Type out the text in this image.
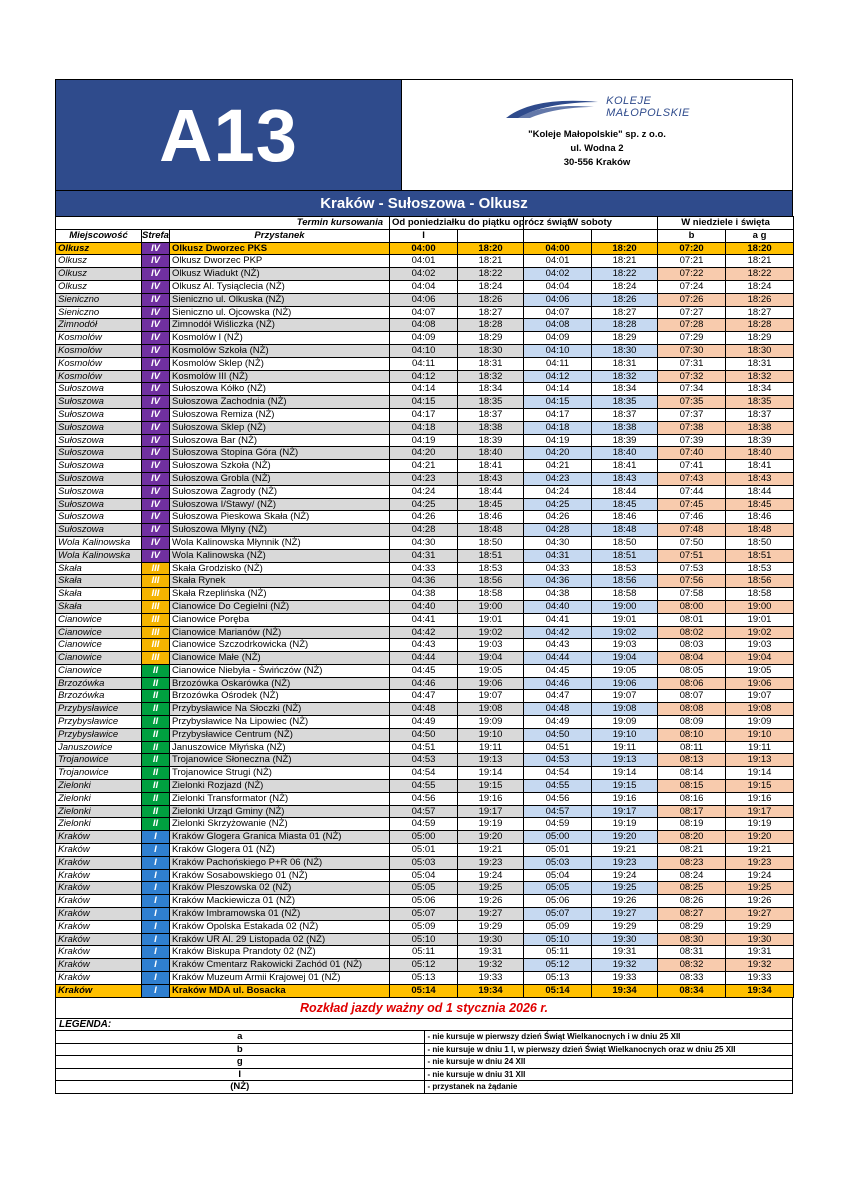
A13	KOLEJE
MAŁOPOLSKIE
"Koleje Małopolskie" sp. z o.o.
ul. Wodna 2
30-556 Kraków
Kraków - Sułoszowa - Olkusz
Termin kursowania			Od poniedziałku do piątku oprócz świąt		W soboty		W niedziele i święta	
Miejscowość	Strefa	Przystanek	I				b	a g
Olkusz	IV	Olkusz Dworzec PKS	04:00	18:20	04:00	18:20	07:20	18:20
Olkusz	IV	Olkusz Dworzec PKP	04:01	18:21	04:01	18:21	07:21	18:21
Olkusz	IV	Olkusz Wiadukt (NŻ)	04:02	18:22	04:02	18:22	07:22	18:22
Olkusz	IV	Olkusz Al. Tysiąclecia (NŻ)	04:04	18:24	04:04	18:24	07:24	18:24
Sieniczno	IV	Sieniczno ul. Olkuska (NŻ)	04:06	18:26	04:06	18:26	07:26	18:26
Sieniczno	IV	Sieniczno ul. Ojcowska (NŻ)	04:07	18:27	04:07	18:27	07:27	18:27
Zimnodół	IV	Zimnodół Wiśliczka (NŻ)	04:08	18:28	04:08	18:28	07:28	18:28
Kosmolów	IV	Kosmolów I (NŻ)	04:09	18:29	04:09	18:29	07:29	18:29
Kosmolów	IV	Kosmolów Szkoła (NŻ)	04:10	18:30	04:10	18:30	07:30	18:30
Kosmolów	IV	Kosmolów Sklep (NŻ)	04:11	18:31	04:11	18:31	07:31	18:31
Kosmolów	IV	Kosmolów III (NŻ)	04:12	18:32	04:12	18:32	07:32	18:32
Sułoszowa	IV	Sułoszowa Kółko (NŻ)	04:14	18:34	04:14	18:34	07:34	18:34
Sułoszowa	IV	Sułoszowa Zachodnia (NŻ)	04:15	18:35	04:15	18:35	07:35	18:35
Sułoszowa	IV	Sułoszowa Remiza (NŻ)	04:17	18:37	04:17	18:37	07:37	18:37
Sułoszowa	IV	Sułoszowa Sklep (NŻ)	04:18	18:38	04:18	18:38	07:38	18:38
Sułoszowa	IV	Sułoszowa Bar (NŻ)	04:19	18:39	04:19	18:39	07:39	18:39
Sułoszowa	IV	Sułoszowa Stopina Góra (NŻ)	04:20	18:40	04:20	18:40	07:40	18:40
Sułoszowa	IV	Sułoszowa Szkoła (NŻ)	04:21	18:41	04:21	18:41	07:41	18:41
Sułoszowa	IV	Sułoszowa Grobla (NŻ)	04:23	18:43	04:23	18:43	07:43	18:43
Sułoszowa	IV	Sułoszowa Zagrody (NŻ)	04:24	18:44	04:24	18:44	07:44	18:44
Sułoszowa	IV	Sułoszowa I/Stawy/ (NŻ)	04:25	18:45	04:25	18:45	07:45	18:45
Sułoszowa	IV	Sułoszowa Pieskowa Skała (NŻ)	04:26	18:46	04:26	18:46	07:46	18:46
Sułoszowa	IV	Sułoszowa Młyny (NŻ)	04:28	18:48	04:28	18:48	07:48	18:48
Wola Kalinowska	IV	Wola Kalinowska Młynnik (NŻ)	04:30	18:50	04:30	18:50	07:50	18:50
Wola Kalinowska	IV	Wola Kalinowska (NŻ)	04:31	18:51	04:31	18:51	07:51	18:51
Skała	III	Skała Grodzisko (NŻ)	04:33	18:53	04:33	18:53	07:53	18:53
Skała	III	Skała Rynek	04:36	18:56	04:36	18:56	07:56	18:56
Skała	III	Skała Rzeplińska (NŻ)	04:38	18:58	04:38	18:58	07:58	18:58
Skała	III	Cianowice Do Cegielni (NŻ)	04:40	19:00	04:40	19:00	08:00	19:00
Cianowice	III	Cianowice Poręba	04:41	19:01	04:41	19:01	08:01	19:01
Cianowice	III	Cianowice Marianów (NŻ)	04:42	19:02	04:42	19:02	08:02	19:02
Cianowice	III	Cianowice Szczodrkowicka (NŻ)	04:43	19:03	04:43	19:03	08:03	19:03
Cianowice	III	Cianowice Małe (NŻ)	04:44	19:04	04:44	19:04	08:04	19:04
Cianowice	II	Cianowice Niebyła - Świńczów (NŻ)	04:45	19:05	04:45	19:05	08:05	19:05
Brzozówka	II	Brzozówka Oskarówka (NŻ)	04:46	19:06	04:46	19:06	08:06	19:06
Brzozówka	II	Brzozówka Ośrodek (NŻ)	04:47	19:07	04:47	19:07	08:07	19:07
Przybysławice	II	Przybysławice Na Słoczki (NŻ)	04:48	19:08	04:48	19:08	08:08	19:08
Przybysławice	II	Przybysławice Na Lipowiec (NŻ)	04:49	19:09	04:49	19:09	08:09	19:09
Przybysławice	II	Przybysławice Centrum (NŻ)	04:50	19:10	04:50	19:10	08:10	19:10
Januszowice	II	Januszowice Młyńska (NŻ)	04:51	19:11	04:51	19:11	08:11	19:11
Trojanowice	II	Trojanowice Słoneczna (NŻ)	04:53	19:13	04:53	19:13	08:13	19:13
Trojanowice	II	Trojanowice Strugi (NŻ)	04:54	19:14	04:54	19:14	08:14	19:14
Zielonki	II	Zielonki Rozjazd (NŻ)	04:55	19:15	04:55	19:15	08:15	19:15
Zielonki	II	Zielonki Transformator (NŻ)	04:56	19:16	04:56	19:16	08:16	19:16
Zielonki	II	Zielonki Urząd Gminy (NŻ)	04:57	19:17	04:57	19:17	08:17	19:17
Zielonki	II	Zielonki Skrzyżowanie (NŻ)	04:59	19:19	04:59	19:19	08:19	19:19
Kraków	I	Kraków Glogera Granica Miasta 01 (NŻ)	05:00	19:20	05:00	19:20	08:20	19:20
Kraków	I	Kraków Glogera 01 (NŻ)	05:01	19:21	05:01	19:21	08:21	19:21
Kraków	I	Kraków Pachońskiego P+R 06 (NŻ)	05:03	19:23	05:03	19:23	08:23	19:23
Kraków	I	Kraków Sosabowskiego 01 (NŻ)	05:04	19:24	05:04	19:24	08:24	19:24
Kraków	I	Kraków Pleszowska 02 (NŻ)	05:05	19:25	05:05	19:25	08:25	19:25
Kraków	I	Kraków Mackiewicza 01 (NŻ)	05:06	19:26	05:06	19:26	08:26	19:26
Kraków	I	Kraków Imbramowska 01 (NŻ)	05:07	19:27	05:07	19:27	08:27	19:27
Kraków	I	Kraków Opolska Estakada 02 (NŻ)	05:09	19:29	05:09	19:29	08:29	19:29
Kraków	I	Kraków UR Al. 29 Listopada 02 (NŻ)	05:10	19:30	05:10	19:30	08:30	19:30
Kraków	I	Kraków Biskupa Prandoty 02 (NŻ)	05:11	19:31	05:11	19:31	08:31	19:31
Kraków	I	Kraków Cmentarz Rakowicki Zachód 01 (NŻ)	05:12	19:32	05:12	19:32	08:32	19:32
Kraków	I	Kraków Muzeum Armii Krajowej 01 (NŻ)	05:13	19:33	05:13	19:33	08:33	19:33
Kraków	I	Kraków MDA ul. Bosacka	05:14	19:34	05:14	19:34	08:34	19:34
Rozkład jazdy ważny od 1 stycznia 2026 r.
LEGENDA:	
a	- nie kursuje w pierwszy dzień Świąt Wielkanocnych i w dniu 25 XII
b	- nie kursuje w dniu 1 I, w pierwszy dzień Świąt Wielkanocnych oraz w dniu 25 XII
g	- nie kursuje w dniu 24 XII
I	- nie kursuje w dniu 31 XII
(NŻ)	- przystanek na żądanie
